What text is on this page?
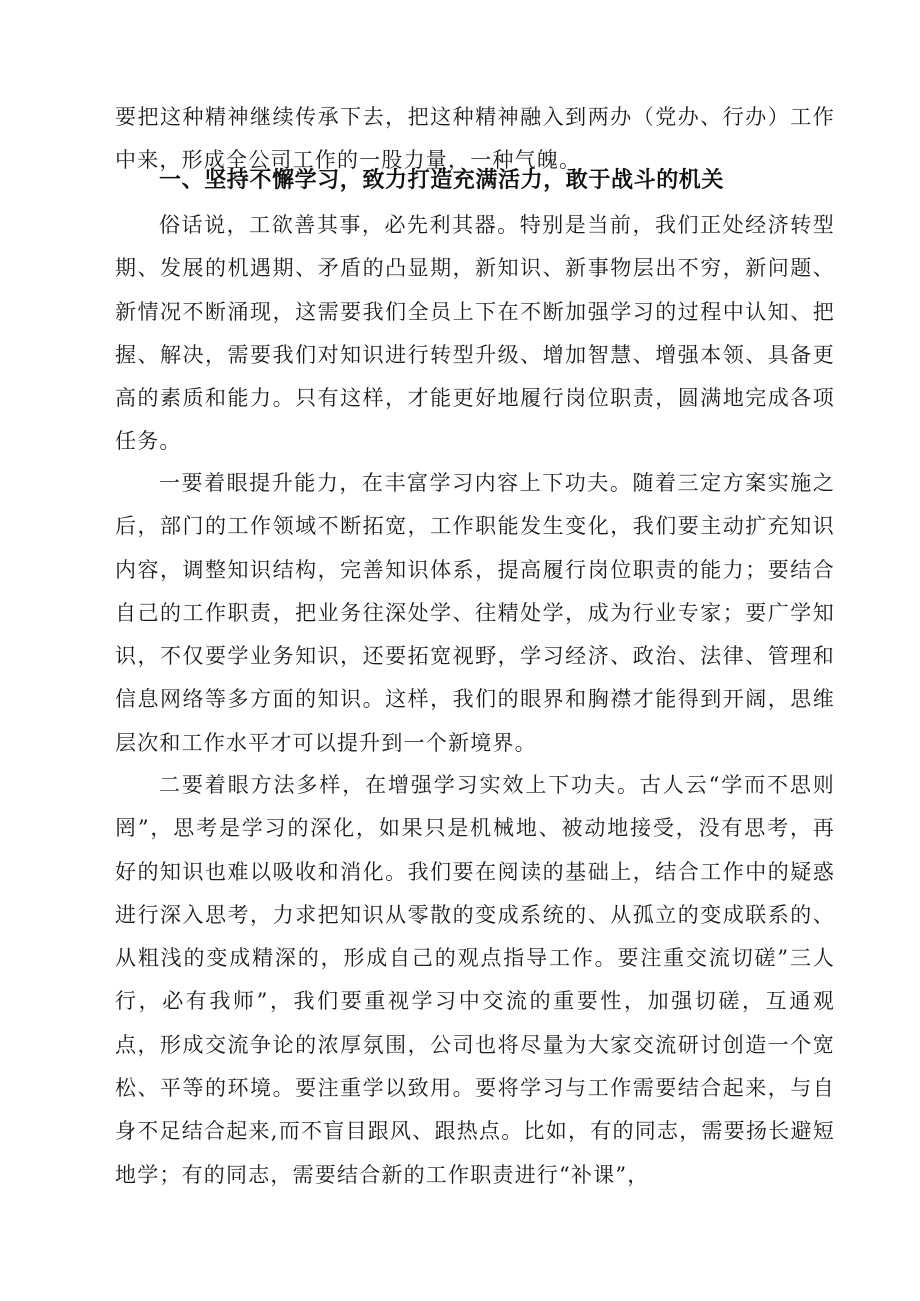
要把这种精神继续传承下去，把这种精神融入到两办（党办、行办）工作中来，形成全公司工作的一股力量，一种气魄。

一、坚持不懈学习，致力打造充满活力，敢于战斗的机关

俗话说，工欲善其事，必先利其器。特别是当前，我们正处经济转型期、发展的机遇期、矛盾的凸显期，新知识、新事物层出不穷，新问题、新情况不断涌现，这需要我们全员上下在不断加强学习的过程中认知、把握、解决，需要我们对知识进行转型升级、增加智慧、增强本领、具备更高的素质和能力。只有这样，才能更好地履行岗位职责，圆满地完成各项任务。

一要着眼提升能力，在丰富学习内容上下功夫。随着三定方案实施之后，部门的工作领域不断拓宽，工作职能发生变化，我们要主动扩充知识内容，调整知识结构，完善知识体系，提高履行岗位职责的能力；要结合自己的工作职责，把业务往深处学、往精处学，成为行业专家；要广学知识，不仅要学业务知识，还要拓宽视野，学习经济、政治、法律、管理和信息网络等多方面的知识。这样，我们的眼界和胸襟才能得到开阔，思维层次和工作水平才可以提升到一个新境界。

二要着眼方法多样，在增强学习实效上下功夫。古人云“学而不思则罔”，思考是学习的深化，如果只是机械地、被动地接受，没有思考，再好的知识也难以吸收和消化。我们要在阅读的基础上，结合工作中的疑惑进行深入思考，力求把知识从零散的变成系统的、从孤立的变成联系的、从粗浅的变成精深的，形成自己的观点指导工作。要注重交流切磋”三人行，必有我师”，我们要重视学习中交流的重要性，加强切磋，互通观点，形成交流争论的浓厚氛围，公司也将尽量为大家交流研讨创造一个宽松、平等的环境。要注重学以致用。要将学习与工作需要结合起来，与自身不足结合起来,而不盲目跟风、跟热点。比如，有的同志，需要扬长避短地学；有的同志，需要结合新的工作职责进行“补课”，
